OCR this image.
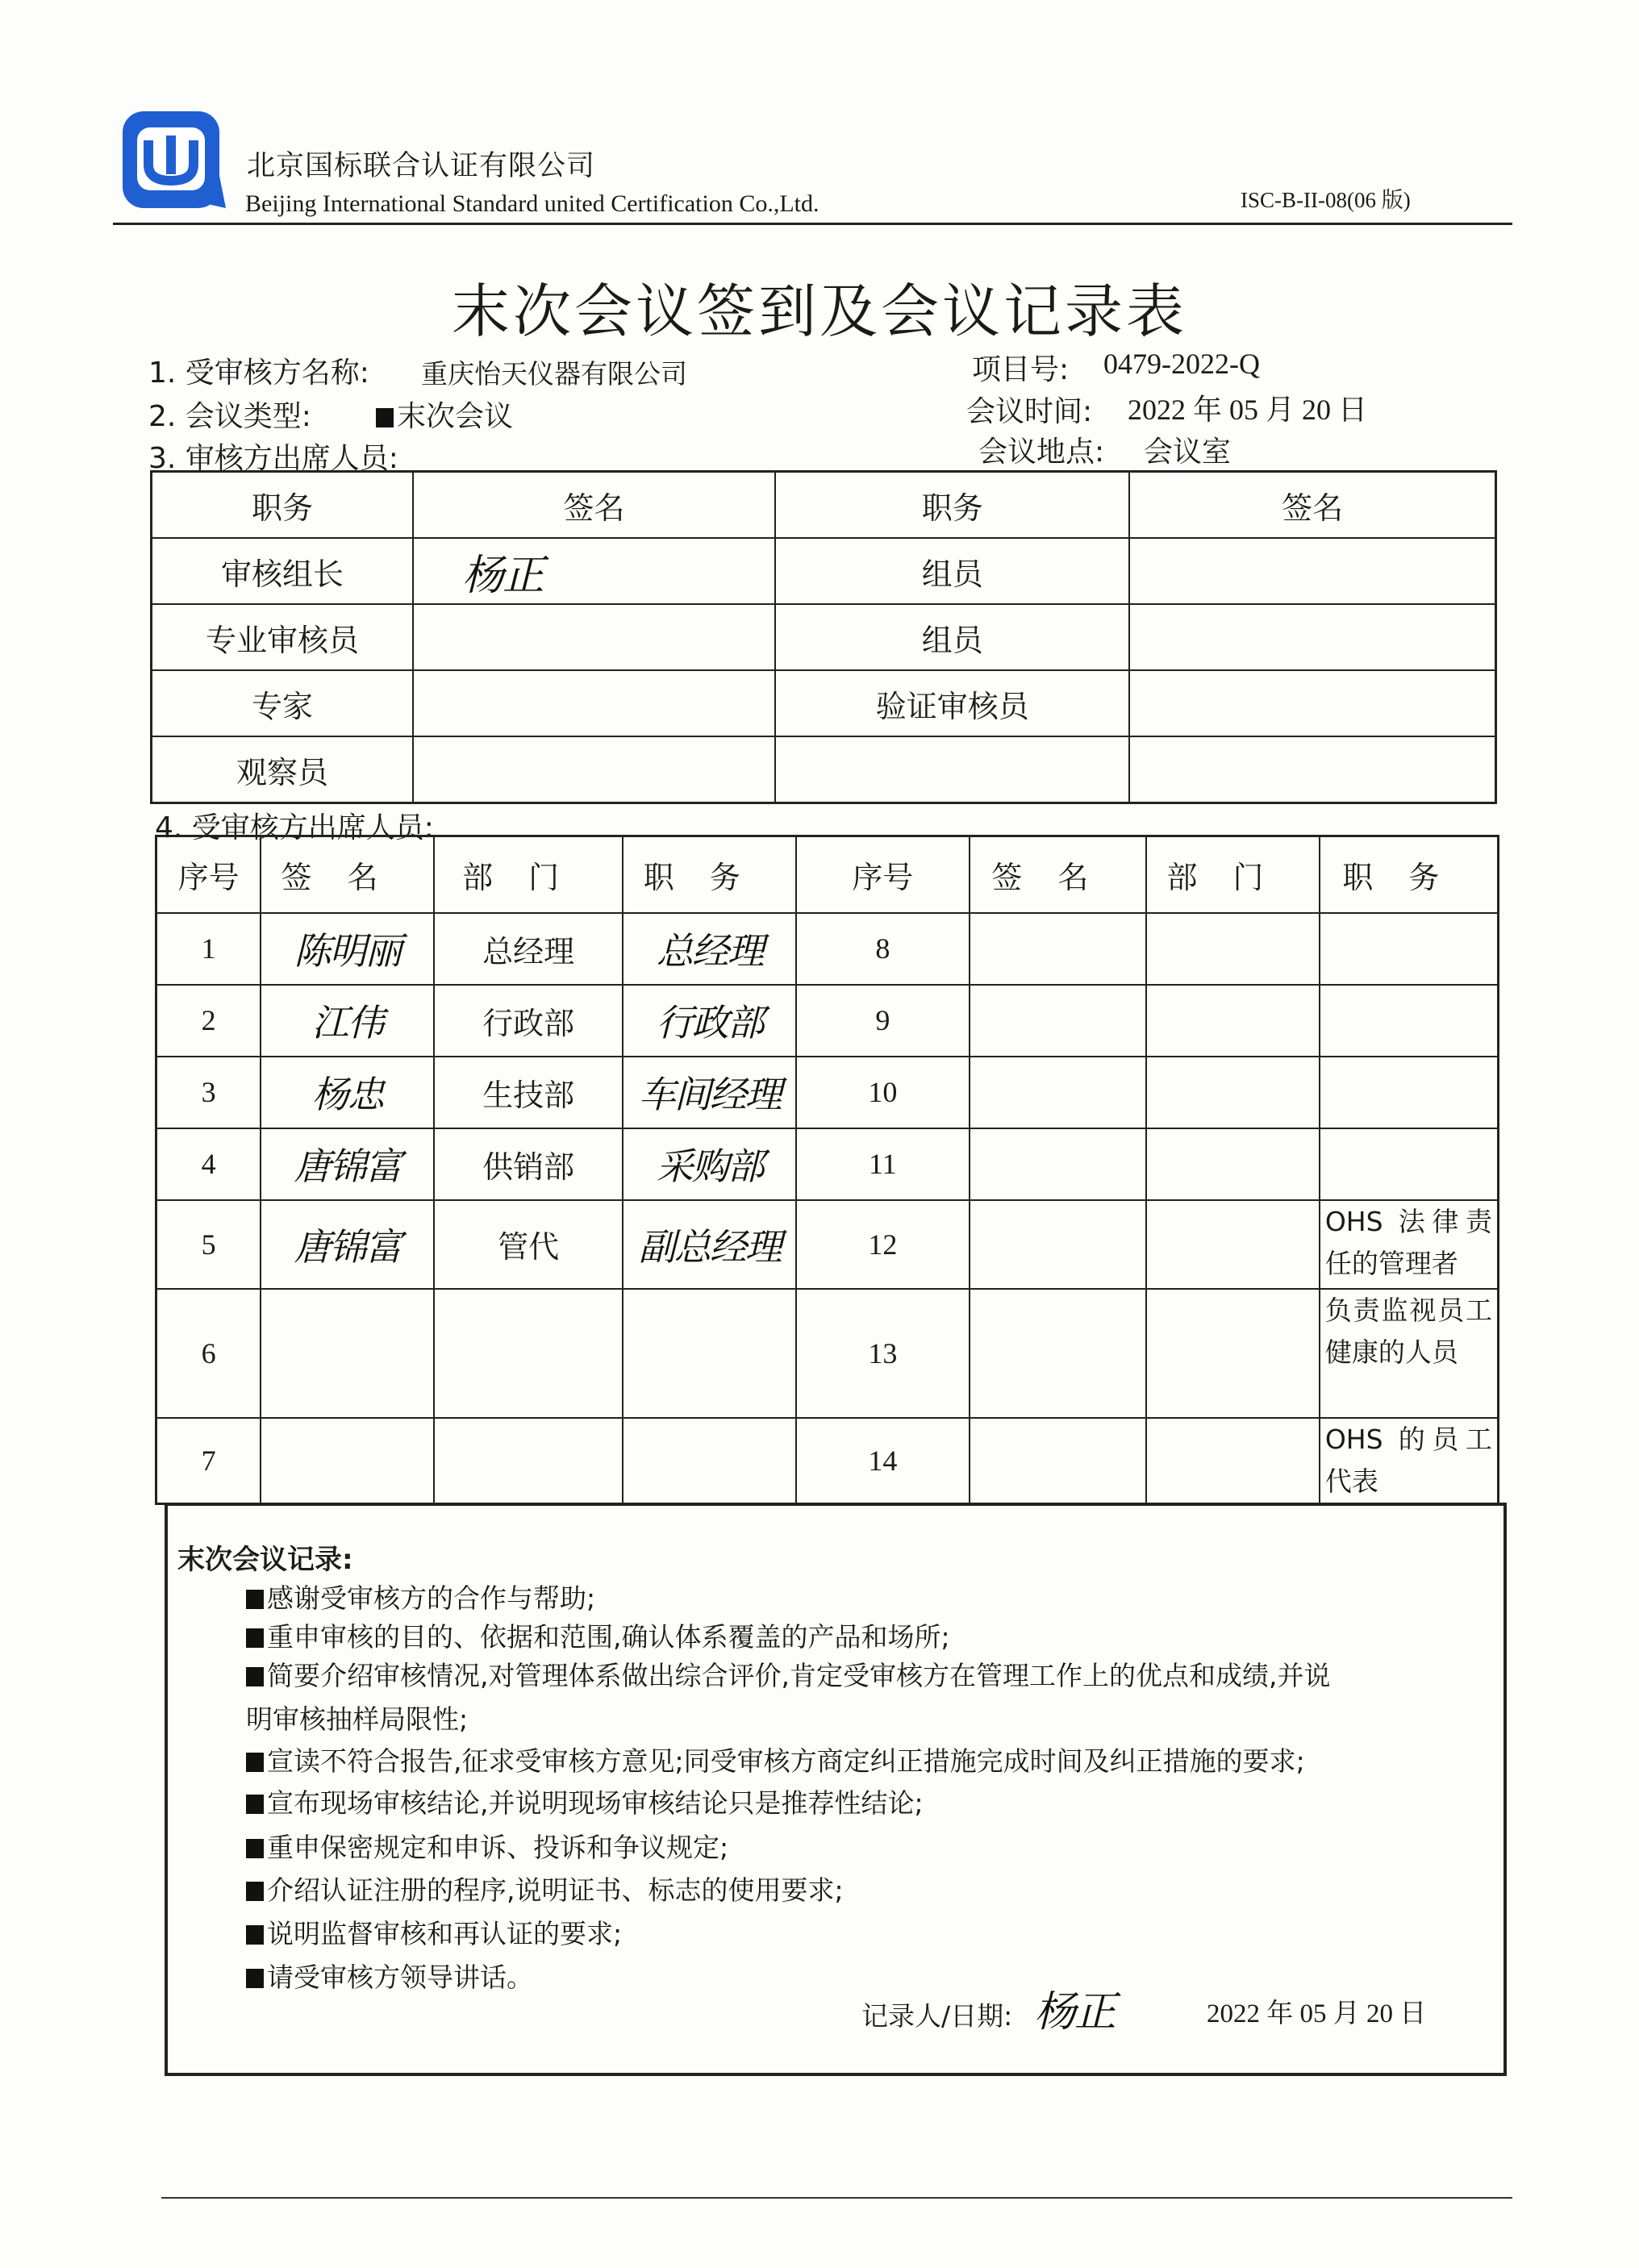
北京国标联合认证有限公司
Beijing International Standard united Certification Co.,Ltd.	ISC-B-II-08(06 版)
末次会议签到及会议记录表
1. 受审核方名称: 重庆怡天仪器有限公司	项目号: 0479-2022-Q
2. 会议类型:	末次会议	会议时间: 2022 年 05 月 20 日
3. 审核方出席人员:	会议地点: 会议室
职务	签名	职务	签名
审核组长	杨正	组员	
专业审核员		组员	
专家		验证审核员	
观察员			
4. 受审核方出席人员:
序号	签名	部门	职务	序号	签名	部门	职务
1	陈明丽	总经理	总经理	8			
2	江伟	行政部	行政部	9			
3	杨忠	生技部	车间经理	10			
4	唐锦富	供销部	采购部	11			
5	唐锦富	管代	副总经理	12			OHS 法律责任的管理者
6				13			负责监视员工健康的人员
7				14			OHS 的员工代表
末次会议记录:
感谢受审核方的合作与帮助;
重申审核的目的、依据和范围,确认体系覆盖的产品和场所;
简要介绍审核情况,对管理体系做出综合评价,肯定受审核方在管理工作上的优点和成绩,并说
明审核抽样局限性;
宣读不符合报告,征求受审核方意见;同受审核方商定纠正措施完成时间及纠正措施的要求;
宣布现场审核结论,并说明现场审核结论只是推荐性结论;
重申保密规定和申诉、投诉和争议规定;
介绍认证注册的程序,说明证书、标志的使用要求;
说明监督审核和再认证的要求;
请受审核方领导讲话。
记录人/日期: 杨正	2022 年 05 月 20 日
